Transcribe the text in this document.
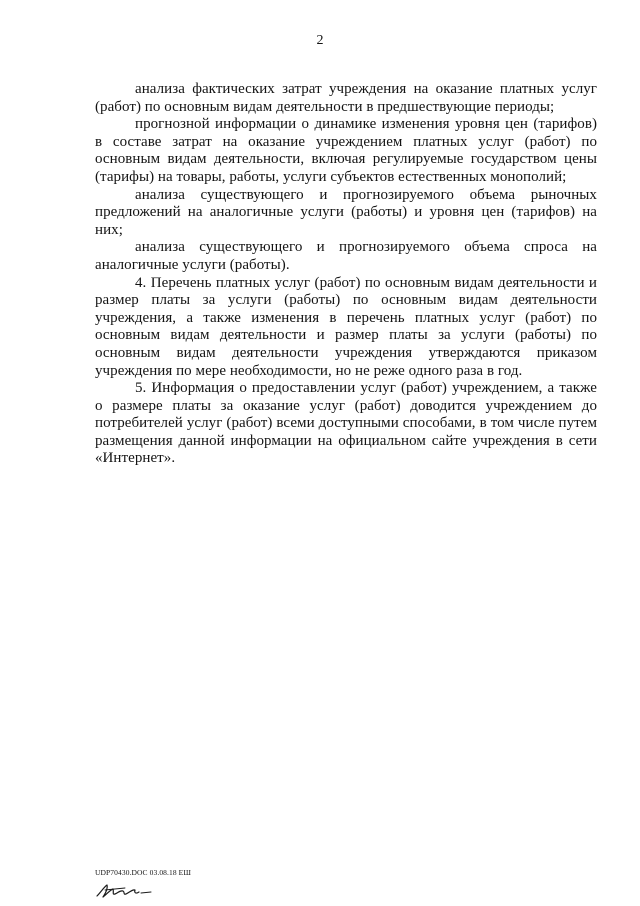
2

анализа фактических затрат учреждения на оказание платных услуг (работ) по основным видам деятельности в предшествующие периоды;

прогнозной информации о динамике изменения уровня цен (тарифов) в составе затрат на оказание учреждением платных услуг (работ) по основным видам деятельности, включая регулируемые государством цены (тарифы) на товары, работы, услуги субъектов естественных монополий;

анализа существующего и прогнозируемого объема рыночных предложений на аналогичные услуги (работы) и уровня цен (тарифов) на них;

анализа существующего и прогнозируемого объема спроса на аналогичные услуги (работы).

4. Перечень платных услуг (работ) по основным видам деятельности и размер платы за услуги (работы) по основным видам деятельности учреждения, а также изменения в перечень платных услуг (работ) по основным видам деятельности и размер платы за услуги (работы) по основным видам деятельности учреждения утверждаются приказом учреждения по мере необходимости, но не реже одного раза в год.

5. Информация о предоставлении услуг (работ) учреждением, а также о размере платы за оказание услуг (работ) доводится учреждением до потребителей услуг (работ) всеми доступными способами, в том числе путем размещения данной информации на официальном сайте учреждения в сети «Интернет».

UDP70430.DOC 03.08.18 ЕШ
